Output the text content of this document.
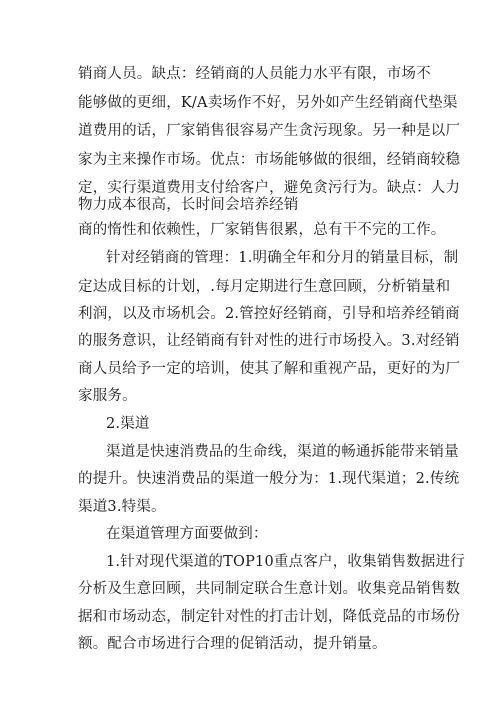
销商人员。缺点：经销商的人员能力水平有限，市场不
能够做的更细，K/A卖场作不好，另外如产生经销商代垫渠
道费用的话，厂家销售很容易产生贪污现象。另一种是以厂
家为主来操作市场。优点：市场能够做的很细，经销商较稳
定，实行渠道费用支付给客户，避免贪污行为。缺点：人力
物力成本很高，长时间会培养经销
商的惰性和依赖性，厂家销售很累，总有干不完的工作。
针对经销商的管理：1.明确全年和分月的销量目标，制
定达成目标的计划，.每月定期进行生意回顾，分析销量和
利润，以及市场机会。2.管控好经销商，引导和培养经销商
的服务意识，让经销商有针对性的进行市场投入。3.对经销
商人员给予一定的培训，使其了解和重视产品，更好的为厂
家服务。
2.渠道
渠道是快速消费品的生命线，渠道的畅通拆能带来销量
的提升。快速消费品的渠道一般分为：1.现代渠道；2.传统
渠道3.特渠。
在渠道管理方面要做到：
1.针对现代渠道的TOP10重点客户，收集销售数据进行
分析及生意回顾，共同制定联合生意计划。收集竞品销售数
据和市场动态，制定针对性的打击计划，降低竞品的市场份
额。配合市场进行合理的促销活动，提升销量。
